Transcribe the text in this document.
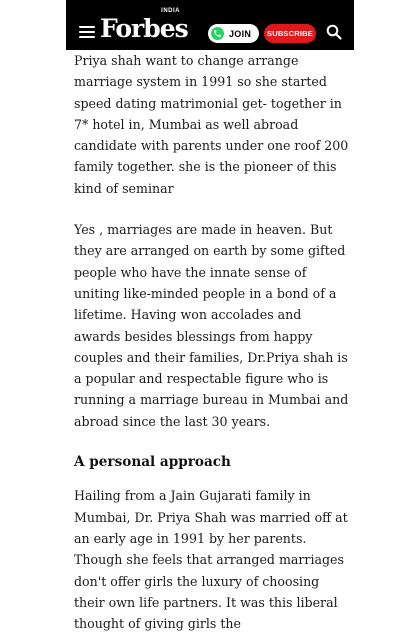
Forbes
INDIA
JOIN SUBSCRIBE

Priya shah want to change arrange marriage system in 1991 so she started speed dating matrimonial get- together in 7* hotel in, Mumbai as well abroad candidate with parents under one roof 200 family together. she is the pioneer of this kind of seminar

Yes , marriages are made in heaven. But they are arranged on earth by some gifted people who have the innate sense of uniting like-minded people in a bond of a lifetime. Having won accolades and awards besides blessings from happy couples and their families, Dr.Priya shah is a popular and respectable figure who is running a marriage bureau in Mumbai and abroad since the last 30 years.

A personal approach

Hailing from a Jain Gujarati family in Mumbai, Dr. Priya Shah was married off at an early age in 1991 by her parents. Though she feels that arranged marriages don't offer girls the luxury of choosing their own life partners. It was this liberal thought of giving girls the
